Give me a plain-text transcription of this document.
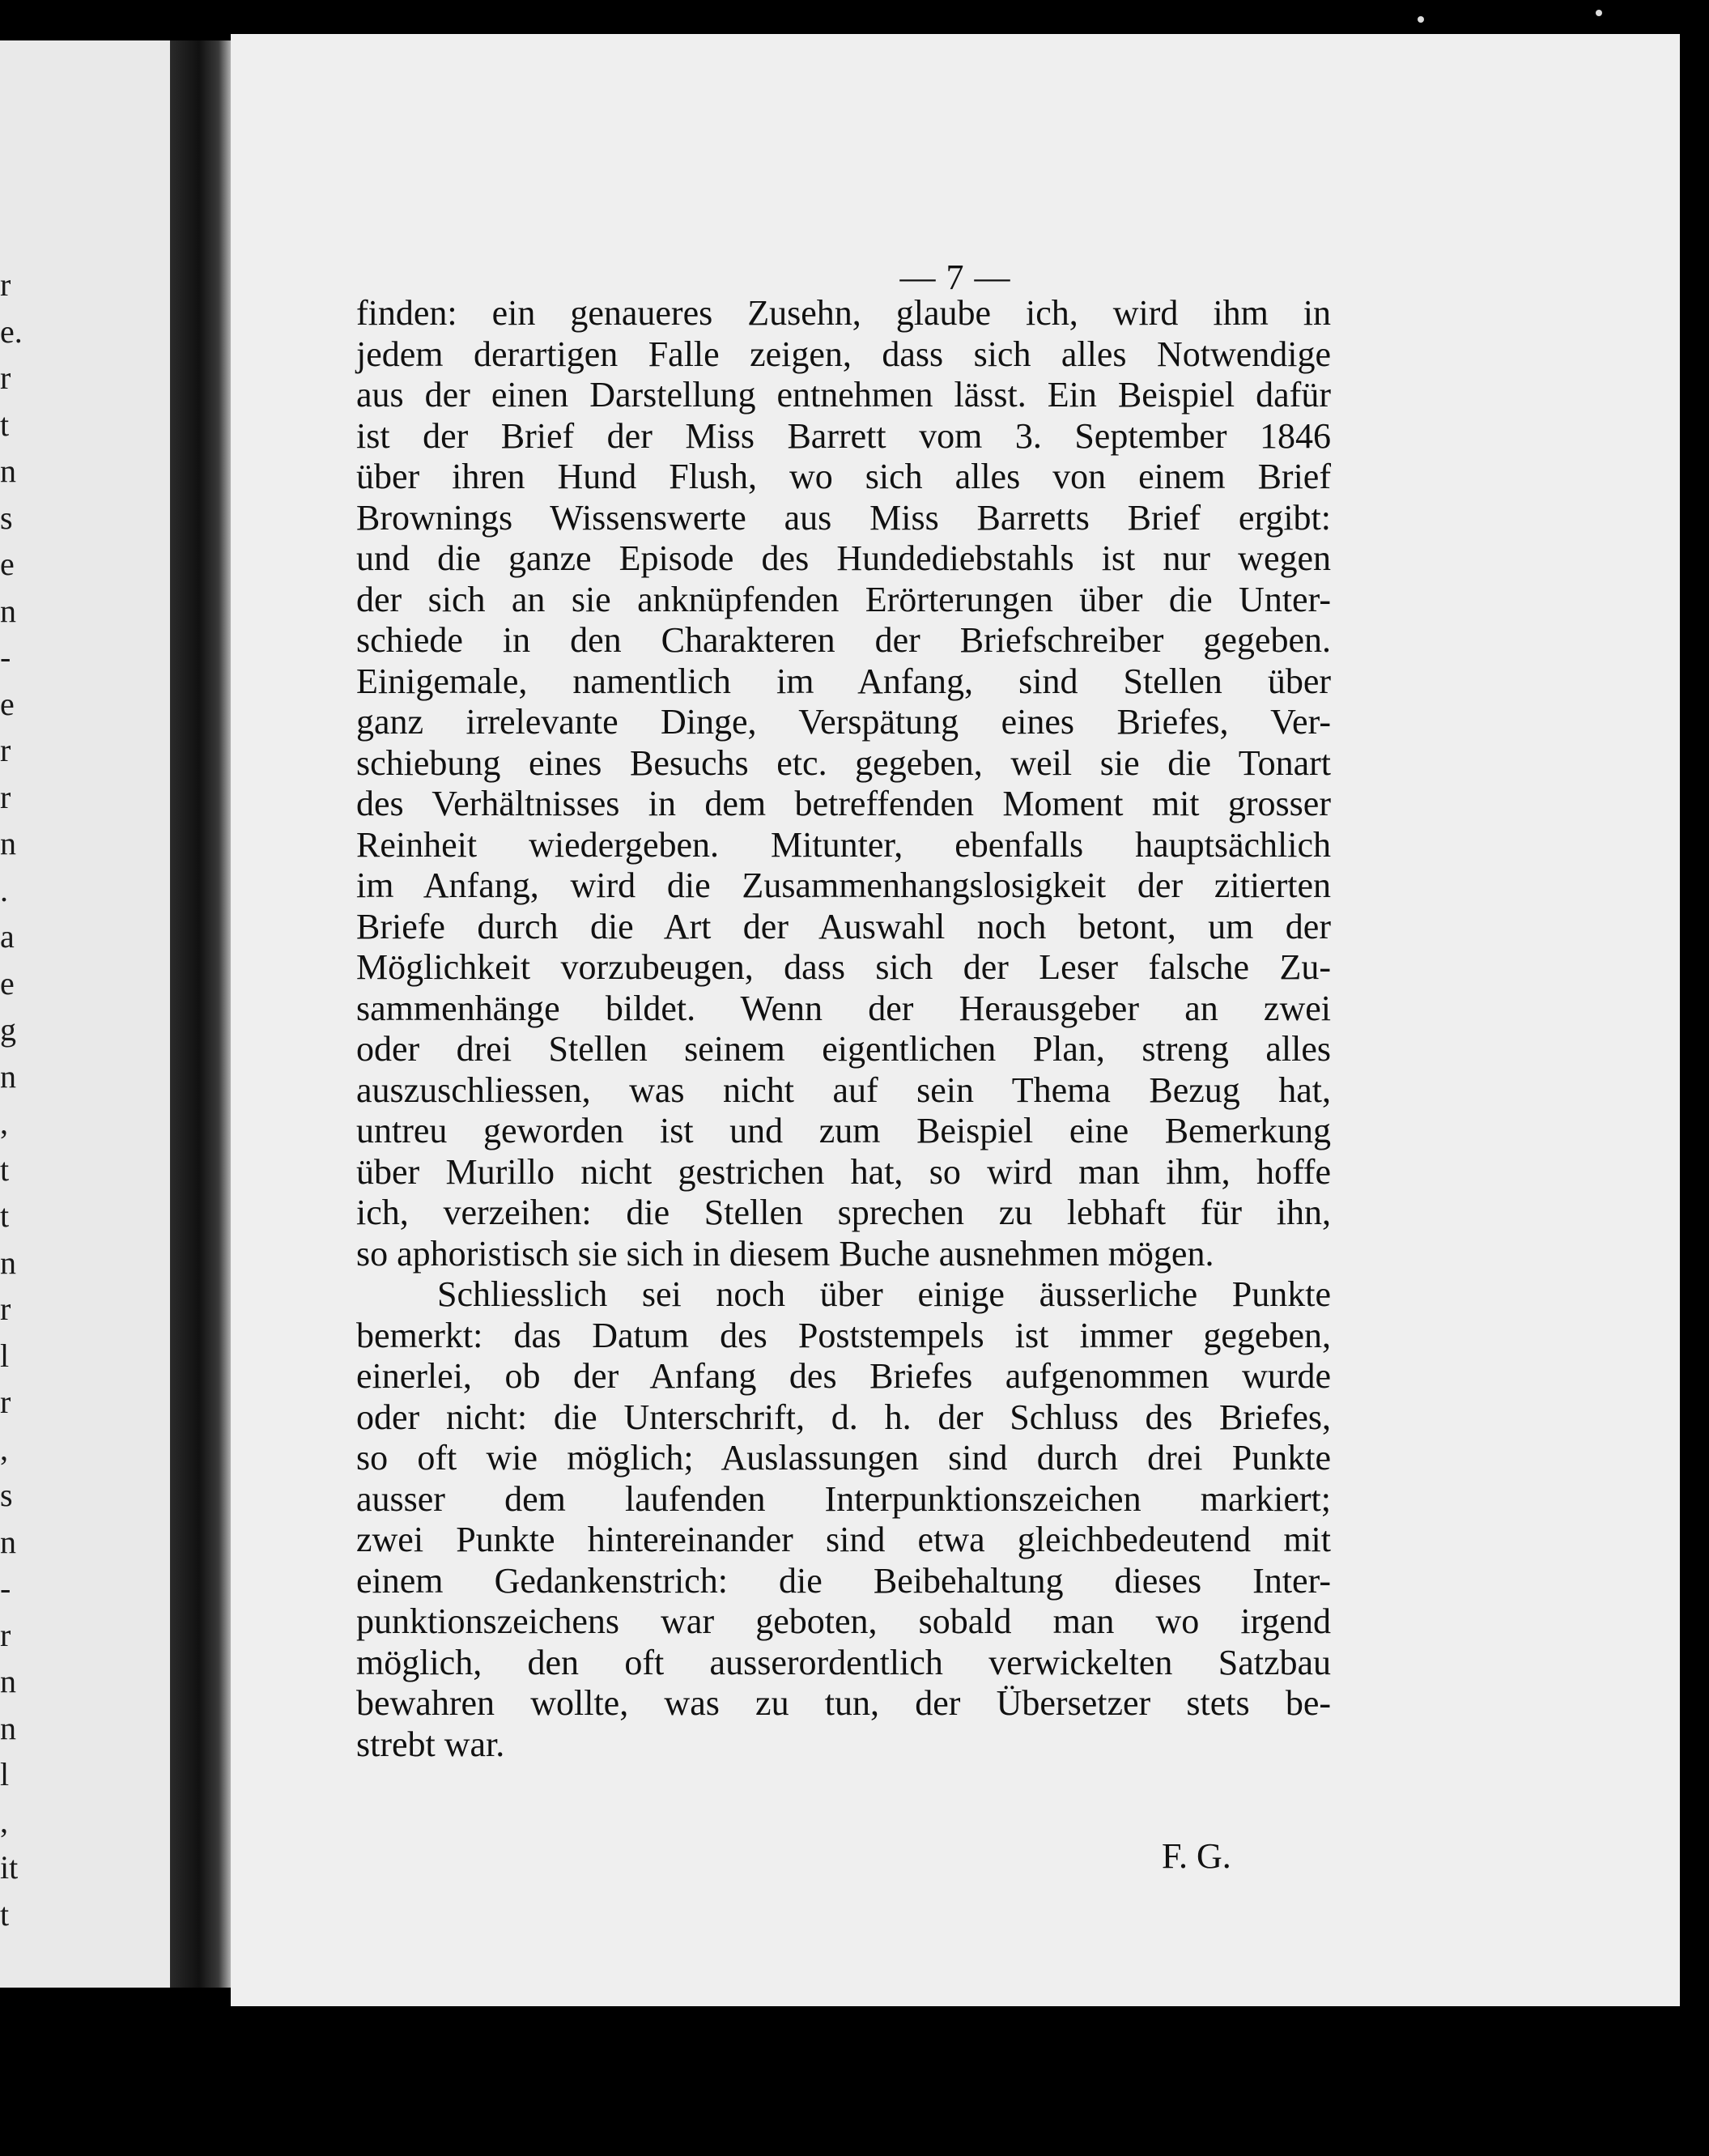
r
e.
r
t
n
s
e
n
-
e
r
r
n
.
a
e
g
n
,
t
t
n
r
l
r
,
s
n
-
r
n
n
l
,
it
t
— 7 —
finden: ein genaueres Zusehn, glaube ich, wird ihm in
jedem derartigen Falle zeigen, dass sich alles Notwendige
aus der einen Darstellung entnehmen lässt. Ein Beispiel dafür
ist der Brief der Miss Barrett vom 3. September 1846
über ihren Hund Flush, wo sich alles von einem Brief
Brownings Wissenswerte aus Miss Barretts Brief ergibt:
und die ganze Episode des Hundediebstahls ist nur wegen
der sich an sie anknüpfenden Erörterungen über die Unter-
schiede in den Charakteren der Briefschreiber gegeben.
Einigemale, namentlich im Anfang, sind Stellen über
ganz irrelevante Dinge, Verspätung eines Briefes, Ver-
schiebung eines Besuchs etc. gegeben, weil sie die Tonart
des Verhältnisses in dem betreffenden Moment mit grosser
Reinheit wiedergeben. Mitunter, ebenfalls hauptsächlich
im Anfang, wird die Zusammenhangslosigkeit der zitierten
Briefe durch die Art der Auswahl noch betont, um der
Möglichkeit vorzubeugen, dass sich der Leser falsche Zu-
sammenhänge bildet. Wenn der Herausgeber an zwei
oder drei Stellen seinem eigentlichen Plan, streng alles
auszuschliessen, was nicht auf sein Thema Bezug hat,
untreu geworden ist und zum Beispiel eine Bemerkung
über Murillo nicht gestrichen hat, so wird man ihm, hoffe
ich, verzeihen: die Stellen sprechen zu lebhaft für ihn,
so aphoristisch sie sich in diesem Buche ausnehmen mögen.
Schliesslich sei noch über einige äusserliche Punkte
bemerkt: das Datum des Poststempels ist immer gegeben,
einerlei, ob der Anfang des Briefes aufgenommen wurde
oder nicht: die Unterschrift, d. h. der Schluss des Briefes,
so oft wie möglich; Auslassungen sind durch drei Punkte
ausser dem laufenden Interpunktionszeichen markiert;
zwei Punkte hintereinander sind etwa gleichbedeutend mit
einem Gedankenstrich: die Beibehaltung dieses Inter-
punktionszeichens war geboten, sobald man wo irgend
möglich, den oft ausserordentlich verwickelten Satzbau
bewahren wollte, was zu tun, der Übersetzer stets be-
strebt war.
F. G.
